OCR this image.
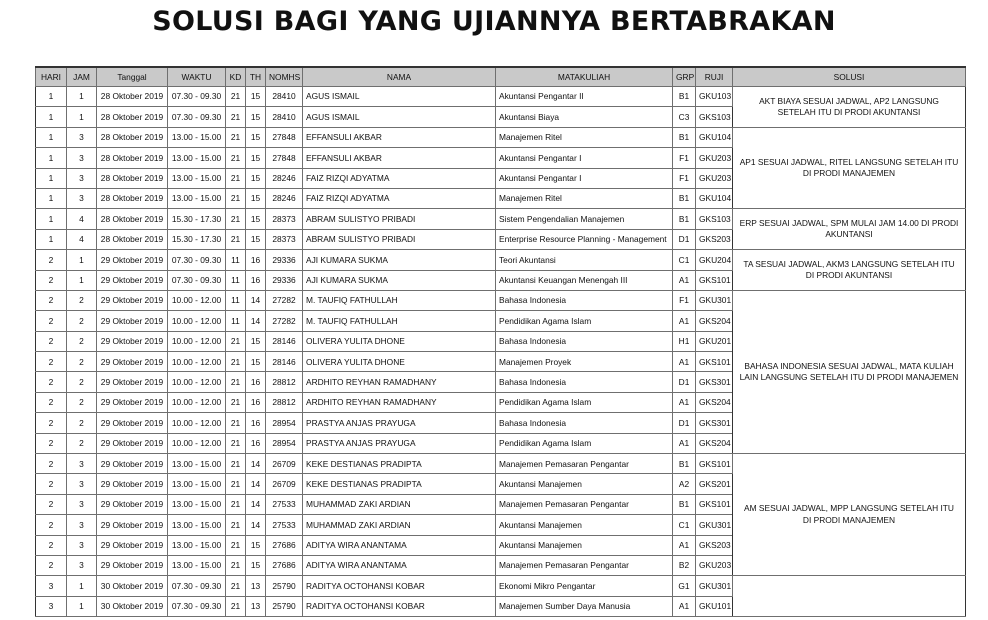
SOLUSI BAGI YANG UJIANNYA BERTABRAKAN
HARI	JAM	Tanggal	WAKTU	KD	TH	NOMHS	NAMA	MATAKULIAH	GRP	RUJI	SOLUSI
1	1	28 Oktober 2019	07.30 - 09.30	21	15	28410	AGUS ISMAIL	Akuntansi Pengantar II	B1	GKU103	AKT BIAYA SESUAI JADWAL, AP2 LANGSUNG SETELAH ITU DI PRODI AKUNTANSI
1	1	28 Oktober 2019	07.30 - 09.30	21	15	28410	AGUS ISMAIL	Akuntansi Biaya	C3	GKS103	
1	3	28 Oktober 2019	13.00 - 15.00	21	15	27848	EFFANSULI AKBAR	Manajemen Ritel	B1	GKU104	AP1 SESUAI JADWAL, RITEL LANGSUNG SETELAH ITU DI PRODI MANAJEMEN
1	3	28 Oktober 2019	13.00 - 15.00	21	15	27848	EFFANSULI AKBAR	Akuntansi Pengantar I	F1	GKU203	
1	3	28 Oktober 2019	13.00 - 15.00	21	15	28246	FAIZ RIZQI ADYATMA	Akuntansi Pengantar I	F1	GKU203	
1	3	28 Oktober 2019	13.00 - 15.00	21	15	28246	FAIZ RIZQI ADYATMA	Manajemen Ritel	B1	GKU104	
1	4	28 Oktober 2019	15.30 - 17.30	21	15	28373	ABRAM SULISTYO PRIBADI	Sistem Pengendalian Manajemen	B1	GKS103	ERP SESUAI JADWAL, SPM MULAI JAM 14.00 DI PRODI AKUNTANSI
1	4	28 Oktober 2019	15.30 - 17.30	21	15	28373	ABRAM SULISTYO PRIBADI	Enterprise Resource Planning - Management	D1	GKS203	
2	1	29 Oktober 2019	07.30 - 09.30	11	16	29336	AJI KUMARA SUKMA	Teori Akuntansi	C1	GKU204	TA SESUAI JADWAL, AKM3 LANGSUNG SETELAH ITU DI PRODI AKUNTANSI
2	1	29 Oktober 2019	07.30 - 09.30	11	16	29336	AJI KUMARA SUKMA	Akuntansi Keuangan Menengah III	A1	GKS101	
2	2	29 Oktober 2019	10.00 - 12.00	11	14	27282	M. TAUFIQ FATHULLAH	Bahasa Indonesia	F1	GKU301	BAHASA INDONESIA SESUAI JADWAL, MATA KULIAH LAIN LANGSUNG SETELAH ITU DI PRODI MANAJEMEN
2	2	29 Oktober 2019	10.00 - 12.00	11	14	27282	M. TAUFIQ FATHULLAH	Pendidikan Agama Islam	A1	GKS204	
2	2	29 Oktober 2019	10.00 - 12.00	21	15	28146	OLIVERA YULITA DHONE	Bahasa Indonesia	H1	GKU201	
2	2	29 Oktober 2019	10.00 - 12.00	21	15	28146	OLIVERA YULITA DHONE	Manajemen Proyek	A1	GKS101	
2	2	29 Oktober 2019	10.00 - 12.00	21	16	28812	ARDHITO REYHAN RAMADHANY	Bahasa Indonesia	D1	GKS301	
2	2	29 Oktober 2019	10.00 - 12.00	21	16	28812	ARDHITO REYHAN RAMADHANY	Pendidikan Agama Islam	A1	GKS204	
2	2	29 Oktober 2019	10.00 - 12.00	21	16	28954	PRASTYA ANJAS PRAYUGA	Bahasa Indonesia	D1	GKS301	
2	2	29 Oktober 2019	10.00 - 12.00	21	16	28954	PRASTYA ANJAS PRAYUGA	Pendidikan Agama Islam	A1	GKS204	
2	3	29 Oktober 2019	13.00 - 15.00	21	14	26709	KEKE DESTIANAS PRADIPTA	Manajemen Pemasaran Pengantar	B1	GKS101	AM SESUAI JADWAL, MPP LANGSUNG SETELAH ITU DI PRODI MANAJEMEN
2	3	29 Oktober 2019	13.00 - 15.00	21	14	26709	KEKE DESTIANAS PRADIPTA	Akuntansi Manajemen	A2	GKS201	
2	3	29 Oktober 2019	13.00 - 15.00	21	14	27533	MUHAMMAD ZAKI ARDIAN	Manajemen Pemasaran Pengantar	B1	GKS101	
2	3	29 Oktober 2019	13.00 - 15.00	21	14	27533	MUHAMMAD ZAKI ARDIAN	Akuntansi Manajemen	C1	GKU301	
2	3	29 Oktober 2019	13.00 - 15.00	21	15	27686	ADITYA WIRA ANANTAMA	Akuntansi Manajemen	A1	GKS203	
2	3	29 Oktober 2019	13.00 - 15.00	21	15	27686	ADITYA WIRA ANANTAMA	Manajemen Pemasaran Pengantar	B2	GKU203	
3	1	30 Oktober 2019	07.30 - 09.30	21	13	25790	RADITYA OCTOHANSI KOBAR	Ekonomi Mikro Pengantar	G1	GKU301	
3	1	30 Oktober 2019	07.30 - 09.30	21	13	25790	RADITYA OCTOHANSI KOBAR	Manajemen Sumber Daya Manusia	A1	GKU101	
